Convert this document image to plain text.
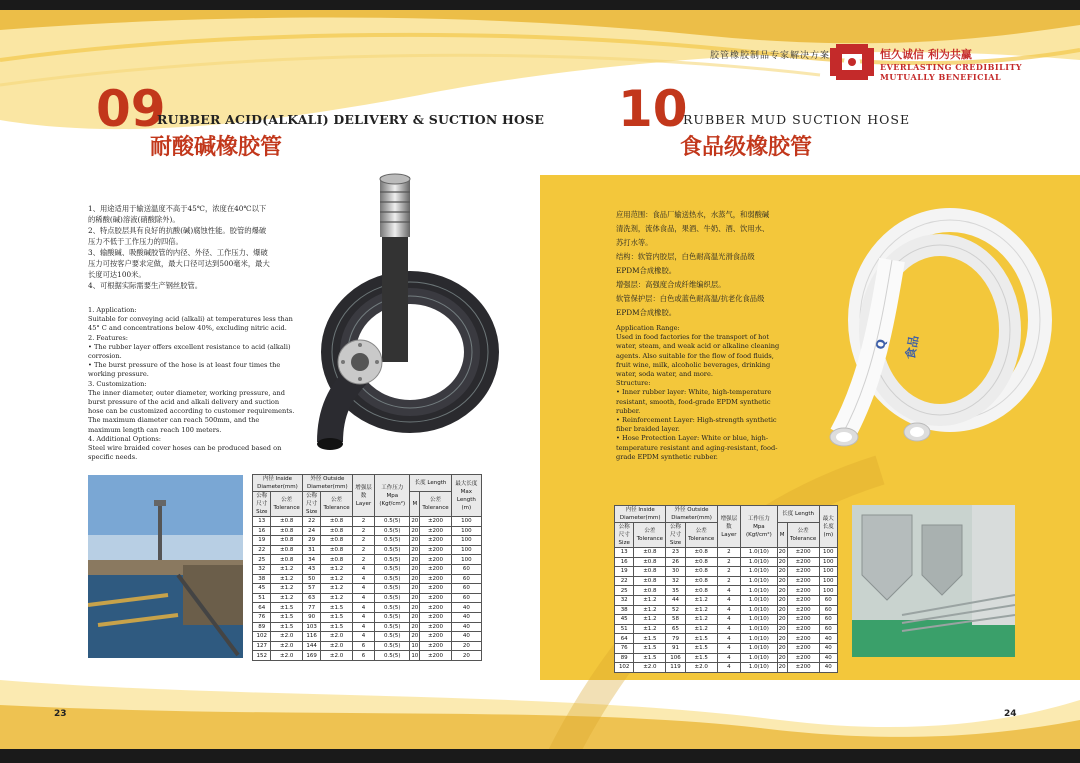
胶管橡胶制品专家解决方案	恒久诚信 利为共赢
EVERLASTING CREDIBILITY
MUTUALLY BENEFICIAL
09
RUBBER ACID(ALKALI) DELIVERY & SUCTION HOSE
耐酸碱橡胶管

1、用途适用于输送温度不高于45℃，浓度在40℃以下

的稀酸(碱)溶液(硝酸除外)。

2、特点胶层具有良好的抗酸(碱)腐蚀性能。胶管的爆破

压力不低于工作压力的四倍。

3、输酸碱、吸酸碱胶管的内径、外径、工作压力、爆破

压力可按客户要求定做，最大口径可达到500毫米，最大

长度可达100米。

4、可根据实际需要生产钢丝胶管。

1. Application:

Suitable for conveying acid (alkali) at temperatures less than

45° C and concentrations below 40%, excluding nitric acid.

2. Features:

• The rubber layer offers excellent resistance to acid (alkali)

corrosion.

• The burst pressure of the hose is at least four times the

working pressure.

3. Customization:

The inner diameter, outer diameter, working pressure, and

burst pressure of the acid and alkali delivery and suction

hose can be customized according to customer requirements.

The maximum diameter can reach 500mm, and the

maximum length can reach 100 meters.

4. Additional Options:

Steel wire braided cover hoses can be produced based on

specific needs.

内径 Inside Diameter(mm)		外径 Outside Diameter(mm)		增强层数 Layer	工作压力 Mpa (Kgf/cm²)	长度 Length		最大长度 Max Length (m)
公称尺寸 Size	公差 Tolerance	公称尺寸 Size	公差 Tolerance			M	公差 Tolerance	
13	±0.8	22	±0.8	2	0.5(5)	20	±200	100
16	±0.8	24	±0.8	2	0.5(5)	20	±200	100
19	±0.8	29	±0.8	2	0.5(5)	20	±200	100
22	±0.8	31	±0.8	2	0.5(5)	20	±200	100
25	±0.8	34	±0.8	2	0.5(5)	20	±200	100
32	±1.2	43	±1.2	4	0.5(5)	20	±200	60
38	±1.2	50	±1.2	4	0.5(5)	20	±200	60
45	±1.2	57	±1.2	4	0.5(5)	20	±200	60
51	±1.2	63	±1.2	4	0.5(5)	20	±200	60
64	±1.5	77	±1.5	4	0.5(5)	20	±200	40
76	±1.5	90	±1.5	4	0.5(5)	20	±200	40
89	±1.5	103	±1.5	4	0.5(5)	20	±200	40
102	±2.0	116	±2.0	4	0.5(5)	20	±200	40
127	±2.0	144	±2.0	6	0.5(5)	10	±200	20
152	±2.0	169	±2.0	6	0.5(5)	10	±200	20
23
10
RUBBER MUD SUCTION HOSE
食品级橡胶管

应用范围：食品厂输送热水，水蒸气，和弱酸碱

清洗剂，流体食品，果酒、牛奶、酒、饮用水、

苏打水等。

结构：软管内胶层，白色耐高温光滑食品级

EPDM合成橡胶。

增强层：高强度合成纤维编织层。

软管保护层：白色或蓝色耐高温/抗老化食品级

EPDM合成橡胶。

Application Range:

Used in food factories for the transport of hot

water, steam, and weak acid or alkaline cleaning

agents. Also suitable for the flow of food fluids,

fruit wine, milk, alcoholic beverages, drinking

water, soda water, and more.

Structure:

• Inner rubber layer: White, high-temperature

resistant, smooth, food-grade EPDM synthetic

rubber.

• Reinforcement Layer: High-strength synthetic

fiber braided layer.

• Hose Protection Layer: White or blue, high-

temperature resistant and aging-resistant, food-

grade EPDM synthetic rubber.

Q 食品
内径 Inside Diameter(mm)		外径 Outside Diameter(mm)		增强层数 Layer	工作压力 Mpa (Kgf/cm²)	长度 Length		最大长度 (m)
公称尺寸 Size	公差 Tolerance	公称尺寸 Size	公差 Tolerance			M	公差 Tolerance	
13	±0.8	23	±0.8	2	1.0(10)	20	±200	100
16	±0.8	26	±0.8	2	1.0(10)	20	±200	100
19	±0.8	30	±0.8	2	1.0(10)	20	±200	100
22	±0.8	32	±0.8	2	1.0(10)	20	±200	100
25	±0.8	35	±0.8	4	1.0(10)	20	±200	100
32	±1.2	44	±1.2	4	1.0(10)	20	±200	60
38	±1.2	52	±1.2	4	1.0(10)	20	±200	60
45	±1.2	58	±1.2	4	1.0(10)	20	±200	60
51	±1.2	65	±1.2	4	1.0(10)	20	±200	60
64	±1.5	79	±1.5	4	1.0(10)	20	±200	40
76	±1.5	91	±1.5	4	1.0(10)	20	±200	40
89	±1.5	106	±1.5	4	1.0(10)	20	±200	40
102	±2.0	119	±2.0	4	1.0(10)	20	±200	40
24
